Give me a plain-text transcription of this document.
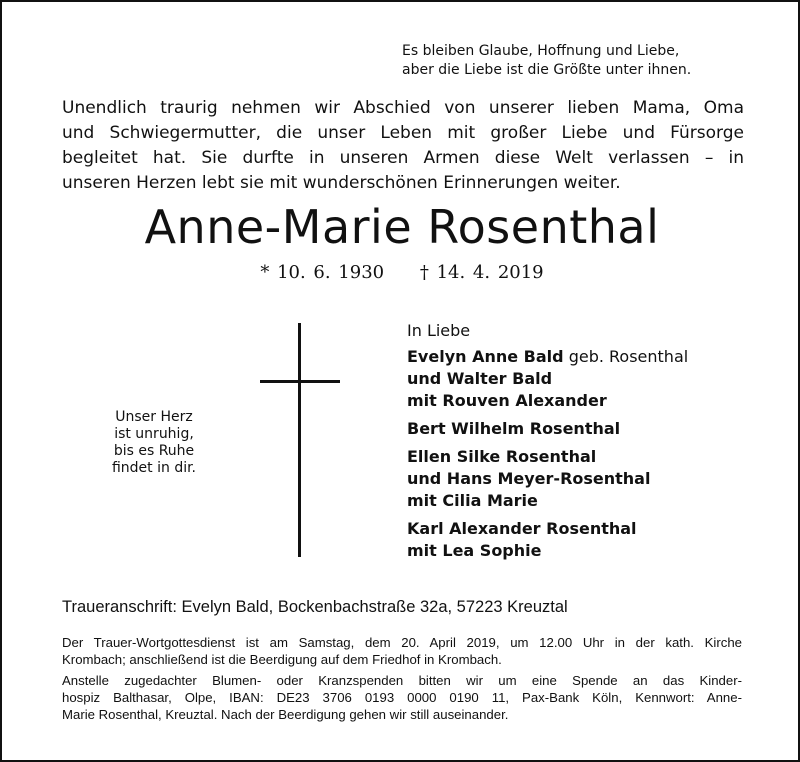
Es bleiben Glaube, Hoffnung und Liebe,
aber die Liebe ist die Größte unter ihnen.
Unendlich traurig nehmen wir Abschied von unserer lieben Mama, Oma
und Schwiegermutter, die unser Leben mit großer Liebe und Fürsorge
begleitet hat. Sie durfte in unseren Armen diese Welt verlassen – in
unseren Herzen lebt sie mit wunderschönen Erinnerungen weiter.
Anne-Marie Rosenthal
* 10. 6. 1930 † 14. 4. 2019
Unser Herz
ist unruhig,
bis es Ruhe
findet in dir.
In Liebe
Evelyn Anne Bald geb. Rosenthal
und Walter Bald
mit Rouven Alexander
Bert Wilhelm Rosenthal
Ellen Silke Rosenthal
und Hans Meyer-Rosenthal
mit Cilia Marie
Karl Alexander Rosenthal
mit Lea Sophie
Traueranschrift: Evelyn Bald, Bockenbachstraße 32a, 57223 Kreuztal
Der Trauer-Wortgottesdienst ist am Samstag, dem 20. April 2019, um 12.00 Uhr in der kath. Kirche
Krombach; anschließend ist die Beerdigung auf dem Friedhof in Krombach.
Anstelle zugedachter Blumen- oder Kranzspenden bitten wir um eine Spende an das Kinder-
hospiz Balthasar, Olpe, IBAN: DE23 3706 0193 0000 0190 11, Pax-Bank Köln, Kennwort: Anne-
Marie Rosenthal, Kreuztal. Nach der Beerdigung gehen wir still auseinander.
